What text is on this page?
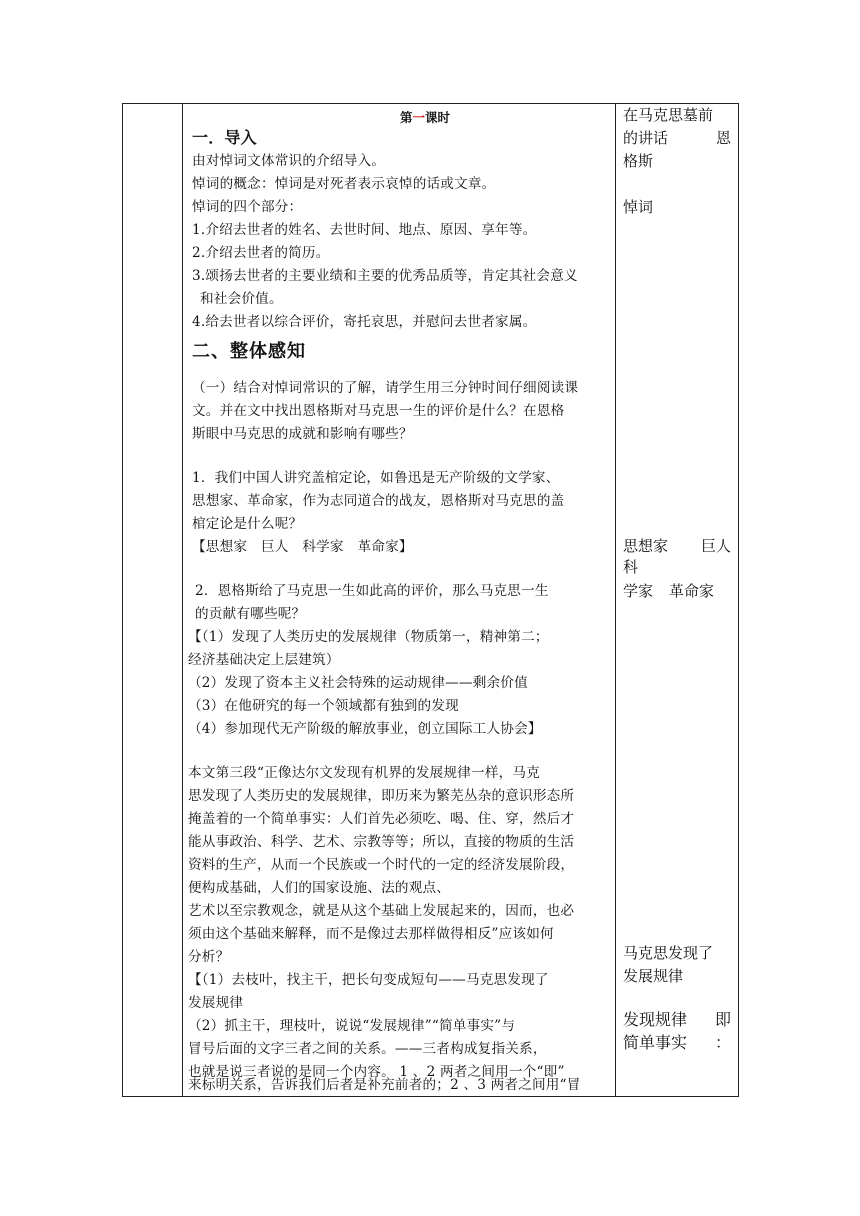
第一课时
一．导入
由对悼词文体常识的介绍导入。
悼词的概念：悼词是对死者表示哀悼的话或文章。
悼词的四个部分：
1.介绍去世者的姓名、去世时间、地点、原因、享年等。
2.介绍去世者的简历。
3.颂扬去世者的主要业绩和主要的优秀品质等，肯定其社会意义
和社会价值。
4.给去世者以综合评价，寄托哀思，并慰问去世者家属。
二、整体感知
（一）结合对悼词常识的了解，请学生用三分钟时间仔细阅读课
文。并在文中找出恩格斯对马克思一生的评价是什么？在恩格
斯眼中马克思的成就和影响有哪些？
1．我们中国人讲究盖棺定论，如鲁迅是无产阶级的文学家、
思想家、革命家，作为志同道合的战友，恩格斯对马克思的盖
棺定论是什么呢？
【思想家　巨人　科学家　革命家】
2．恩格斯给了马克思一生如此高的评价，那么马克思一生
的贡献有哪些呢？
【（1）发现了人类历史的发展规律（物质第一，精神第二；
经济基础决定上层建筑）
（2）发现了资本主义社会特殊的运动规律——剩余价值
（3）在他研究的每一个领域都有独到的发现
（4）参加现代无产阶级的解放事业，创立国际工人协会】
本文第三段“正像达尔文发现有机界的发展规律一样，马克
思发现了人类历史的发展规律，即历来为繁芜丛杂的意识形态所
掩盖着的一个简单事实：人们首先必须吃、喝、住、穿，然后才
能从事政治、科学、艺术、宗教等等；所以，直接的物质的生活
资料的生产，从而一个民族或一个时代的一定的经济发展阶段，
便构成基础，人们的国家设施、法的观点、
艺术以至宗教观念，就是从这个基础上发展起来的，因而，也必
须由这个基础来解释，而不是像过去那样做得相反”应该如何
分析？
【（1）去枝叶，找主干，把长句变成短句——马克思发现了
发展规律
（2）抓主干，理枝叶，说说“发展规律”“简单事实”与
冒号后面的文字三者之间的关系。——三者构成复指关系，
也就是说三者说的是同一个内容。 1 、2 两者之间用一个“即”
来标明关系，告诉我们后者是补充前者的；2 、3 两者之间用“冒
在马克思墓前
的讲话	恩
格斯
悼词
思想家 巨人
科
学家 革命家
马克思发现了
发展规律
发现规律 即
简单事实 ：
